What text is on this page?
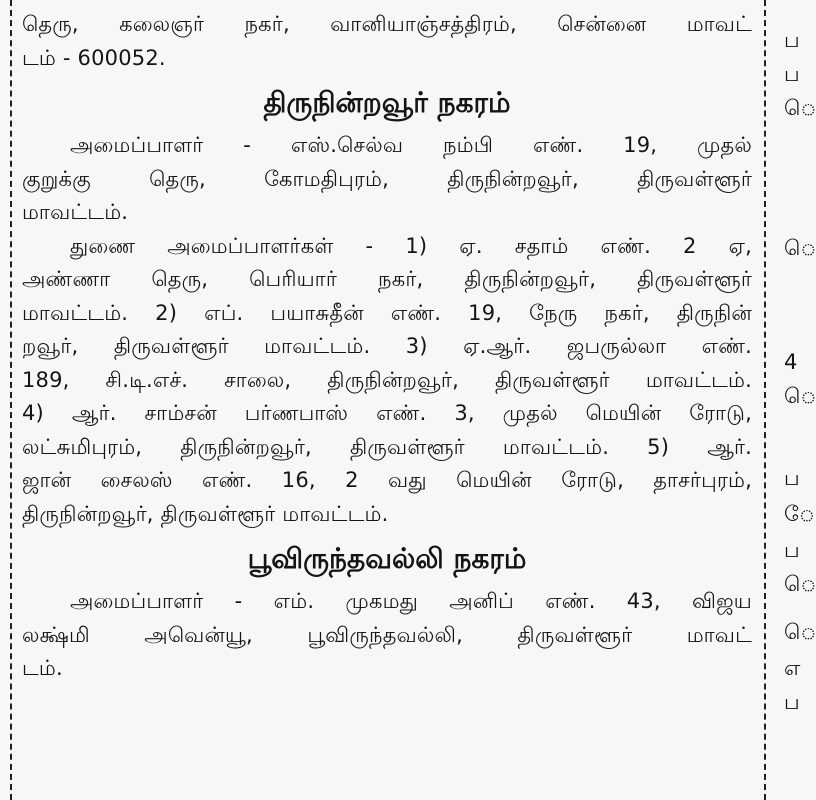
தெரு, கலைஞர் நகர், வானியாஞ்சத்திரம், சென்னை மாவட்
டம் - 600052.
திருநின்றவூர் நகரம்
அமைப்பாளர் - எஸ்.செல்வ நம்பி எண். 19, முதல்
குறுக்கு தெரு, கோமதிபுரம், திருநின்றவூர், திருவள்ளூர்
மாவட்டம்.
துணை அமைப்பாளர்கள் - 1) ஏ. சதாம் எண். 2 ஏ,
அண்ணா தெரு, பெரியார் நகர், திருநின்றவூர், திருவள்ளூர்
மாவட்டம். 2) எப். பயாசுதீன் எண். 19, நேரு நகர், திருநின்
றவூர், திருவள்ளூர் மாவட்டம். 3) ஏ.ஆர். ஜபருல்லா எண்.
189, சி.டி.எச். சாலை, திருநின்றவூர், திருவள்ளூர் மாவட்டம்.
4) ஆர். சாம்சன் பர்ணபாஸ் எண். 3, முதல் மெயின் ரோடு,
லட்சுமிபுரம், திருநின்றவூர், திருவள்ளூர் மாவட்டம். 5) ஆர்.
ஜான் சைலஸ் எண். 16, 2 வது மெயின் ரோடு, தாசர்புரம்,
திருநின்றவூர், திருவள்ளூர் மாவட்டம்.
பூவிருந்தவல்லி நகரம்
அமைப்பாளர் - எம். முகமது அனிப் எண். 43, விஜய
லக்ஷ்மி அவென்யூ, பூவிருந்தவல்லி, திருவள்ளூர் மாவட்
டம்.
ப
ப
ெ
ெ
4
ெ
ப
ே
ப
ெ
ெ
எ
ப
